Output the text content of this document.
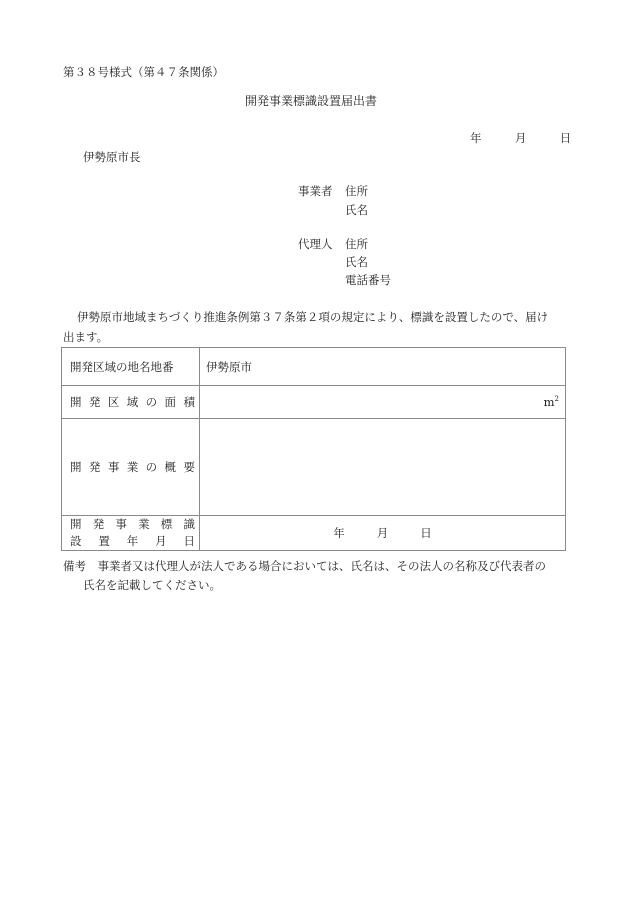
第３８号様式（第４７条関係）
開発事業標識設置届出書
年	月	日
伊勢原市長
事業者 住所
氏名
代理人 住所
氏名
電話番号
伊勢原市地域まちづくり推進条例第３７条第２項の規定により、標識を設置したので、届け
出ます。
開発区域の地名地番	伊勢原市

開 発 区 域 の 面 積	$m^2$

開 発 事 業 の 概 要

開 発 事 業 標 識
設 置 年 月 日
	年	月	日
備考　事業者又は代理人が法人である場合においては、氏名は、その法人の名称及び代表者の
氏名を記載してください。
